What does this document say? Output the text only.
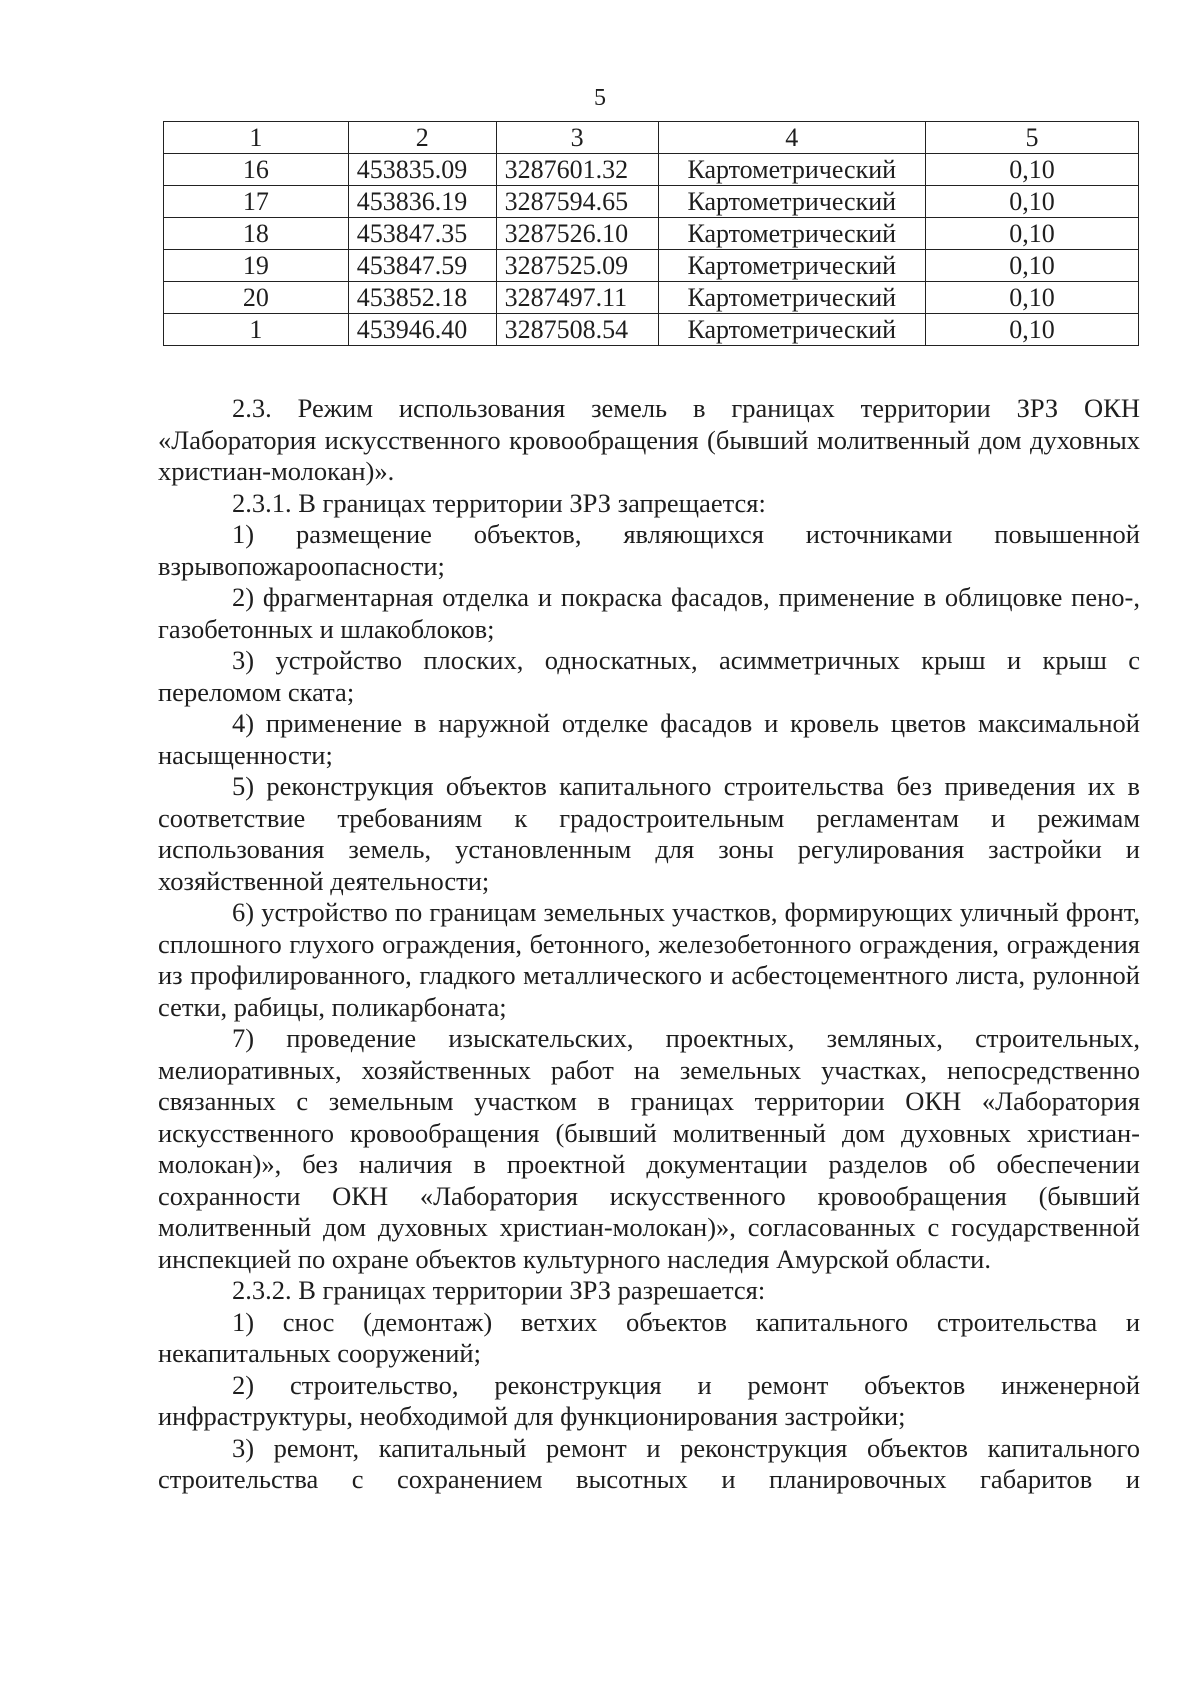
5
1	2	3	4	5
16	453835.09	3287601.32	Картометрический	0,10
17	453836.19	3287594.65	Картометрический	0,10
18	453847.35	3287526.10	Картометрический	0,10
19	453847.59	3287525.09	Картометрический	0,10
20	453852.18	3287497.11	Картометрический	0,10
1	453946.40	3287508.54	Картометрический	0,10

2.3. Режим использования земель в границах территории ЗРЗ ОКН «Лаборатория искусственного кровообращения (бывший молитвенный дом духовных христиан-молокан)».

2.3.1. В границах территории ЗРЗ запрещается:

1) размещение объектов, являющихся источниками повышенной взрывопожароопасности;

2) фрагментарная отделка и покраска фасадов, применение в облицовке пено-, газобетонных и шлакоблоков;

3) устройство плоских, односкатных, асимметричных крыш и крыш с переломом ската;

4) применение в наружной отделке фасадов и кровель цветов максимальной насыщенности;

5) реконструкция объектов капитального строительства без приведения их в соответствие требованиям к градостроительным регламентам и режимам использования земель, установленным для зоны регулирования застройки и хозяйственной деятельности;

6) устройство по границам земельных участков, формирующих уличный фронт, сплошного глухого ограждения, бетонного, железобетонного ограждения, ограждения из профилированного, гладкого металлического и асбестоцементного листа, рулонной сетки, рабицы, поликарбоната;

7) проведение изыскательских, проектных, земляных, строительных, мелиоративных, хозяйственных работ на земельных участках, непосредственно связанных с земельным участком в границах территории ОКН «Лаборатория искусственного кровообращения (бывший молитвенный дом духовных христиан-молокан)», без наличия в проектной документации разделов об обеспечении сохранности ОКН «Лаборатория искусственного кровообращения (бывший молитвенный дом духовных христиан-молокан)», согласованных с государственной инспекцией по охране объектов культурного наследия Амурской области.

2.3.2. В границах территории ЗРЗ разрешается:

1) снос (демонтаж) ветхих объектов капитального строительства и некапитальных сооружений;

2) строительство, реконструкция и ремонт объектов инженерной инфраструктуры, необходимой для функционирования застройки;

3) ремонт, капитальный ремонт и реконструкция объектов капитального строительства с сохранением высотных и планировочных габаритов и
